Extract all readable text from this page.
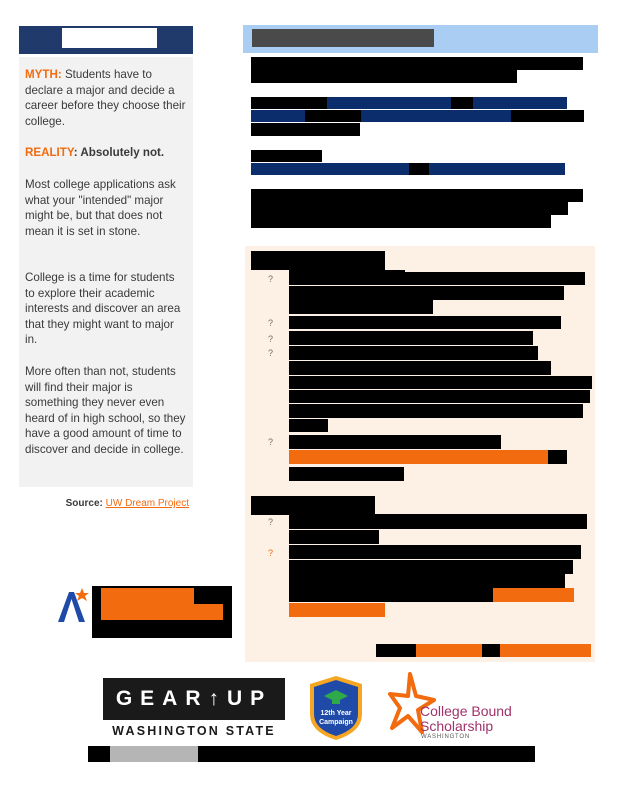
MYTH: Students have to declare a major and decide a career before they choose their college.
REALITY: Absolutely not.
Most college applications ask what your "intended" major might be, but that does not mean it is set in stone.
College is a time for students to explore their academic interests and discover an area that they might want to major in.
More often than not, students will find their major is something they never even heard of in high school, so they have a good amount of time to discover and decide in college.
Source: UW Dream Project
?
?
?
?
?
?
?
GEAR↑UP
WASHINGTON STATE
12th Year
Campaign
College Bound
Scholarship
WASHINGTON
